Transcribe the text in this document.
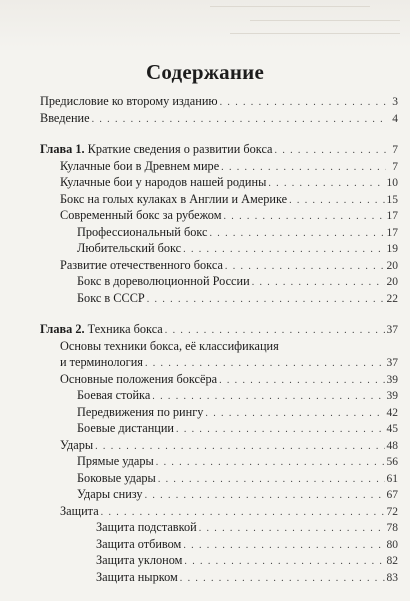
Содержание
Предисловие ко второму изданию . . .	3
Введение . . .	4
Глава 1. Краткие сведения о развитии бокса . . .	7
Кулачные бои в Древнем мире . . .	7
Кулачные бои у народов нашей родины . . .	10
Бокс на голых кулаках в Англии и Америке . . .	15
Современный бокс за рубежом . . .	17
Профессиональный бокс . . .	17
Любительский бокс . . .	19
Развитие отечественного бокса . . .	20
Бокс в дореволюционной России . . .	20
Бокс в СССР . . .	22
Глава 2. Техника бокса . . .	37
Основы техники бокса, её классификация
и терминология . . .	37
Основные положения боксёра . . .	39
Боевая стойка . . .	39
Передвижения по рингу . . .	42
Боевые дистанции . . .	45
Удары . . .	48
Прямые удары . . .	56
Боковые удары . . .	61
Удары снизу . . .	67
Защита . . .	72
Защита подставкой . . .	78
Защита отбивом . . .	80
Защита уклоном . . .	82
Защита нырком . . .	83
